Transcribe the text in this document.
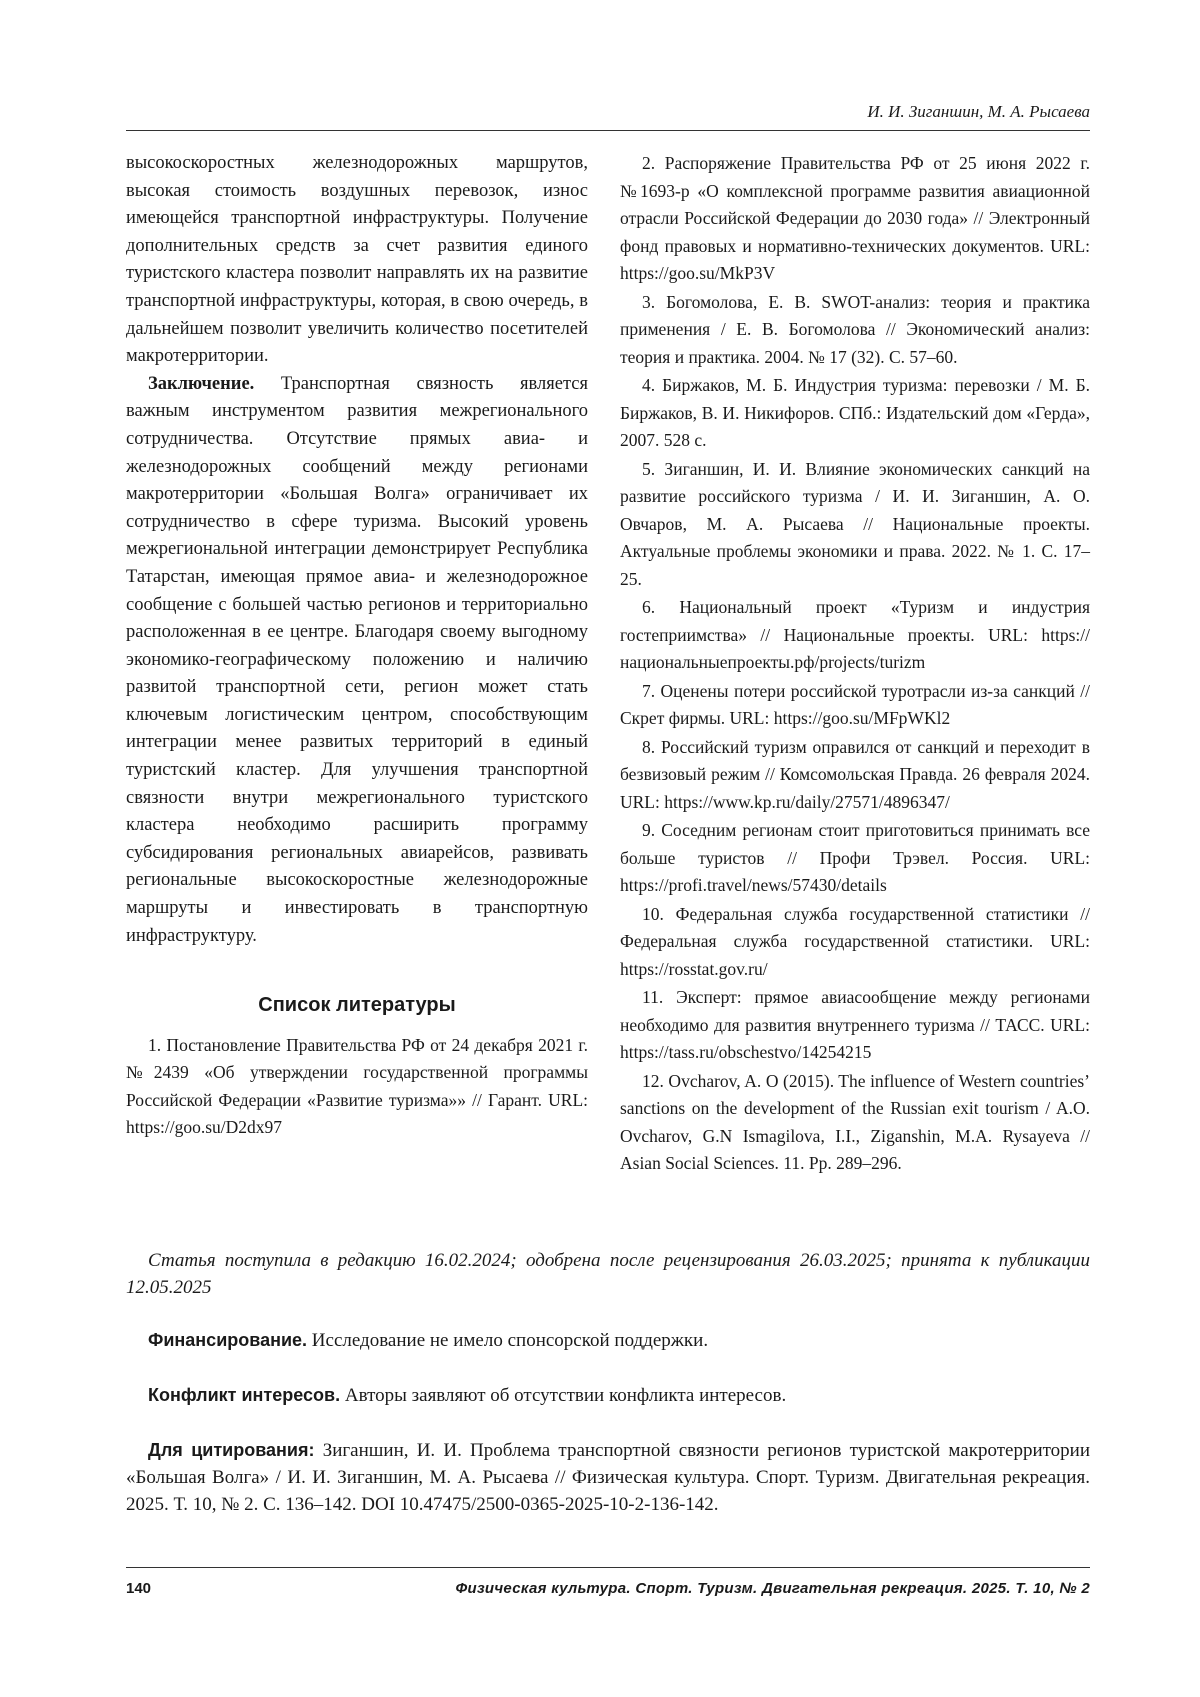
И. И. Зиганшин, М. А. Рысаева

высокоскоростных железнодорожных маршрутов, высокая стоимость воздушных перевозок, износ имеющейся транспортной инфраструктуры. Получение дополнительных средств за счет развития единого туристского кластера позволит направлять их на развитие транспортной инфраструктуры, которая, в свою очередь, в дальнейшем позволит увеличить количество посетителей макротерритории.

Заключение. Транспортная связность является важным инструментом развития межрегионального сотрудничества. Отсутствие прямых авиа- и железнодорожных сообщений между регионами макротерритории «Большая Волга» ограничивает их сотрудничество в сфере туризма. Высокий уровень межрегиональной интеграции демонстрирует Республика Татарстан, имеющая прямое авиа- и железнодорожное сообщение с большей частью регионов и территориально расположенная в ее центре. Благодаря своему выгодному экономико-географическому положению и наличию развитой транспортной сети, регион может стать ключевым логистическим центром, способствующим интеграции менее развитых территорий в единый туристский кластер. Для улучшения транспортной связности внутри межрегионального туристского кластера необходимо расширить программу субсидирования региональных авиарейсов, развивать региональные высокоскоростные железнодорожные маршруты и инвестировать в транспортную инфраструктуру.

Список литературы

1. Постановление Правительства РФ от 24 декабря 2021 г. №2439 «Об утверждении государственной программы Российской Федерации «Развитие туризма»» // Гарант. URL: https://goo.su/D2dx97

2. Распоряжение Правительства РФ от 25 июня 2022 г. №1693-р «О комплексной программе развития авиационной отрасли Российской Федерации до 2030 года» // Электронный фонд правовых и нормативно-технических документов. URL: https://goo.su/MkP3V

3. Богомолова, Е. В. SWOT-анализ: теория и практика применения / Е. В. Богомолова // Экономический анализ: теория и практика. 2004. № 17 (32). С. 57–60.

4. Биржаков, М. Б. Индустрия туризма: перевозки / М. Б. Биржаков, В. И. Никифоров. СПб.: Издательский дом «Герда», 2007. 528 с.

5. Зиганшин, И. И. Влияние экономических санкций на развитие российского туризма / И. И. Зиганшин, А. О. Овчаров, М. А. Рысаева // Национальные проекты. Актуальные проблемы экономики и права. 2022. № 1. С. 17–25.

6. Национальный проект «Туризм и индустрия гостеприимства» // Национальные проекты. URL: https://национальныепроекты.рф/projects/turizm

7. Оценены потери российской туротрасли из-за санкций // Скрет фирмы. URL: https://goo.su/MFpWKl2

8. Российский туризм оправился от санкций и переходит в безвизовый режим // Комсомольская Правда. 26 февраля 2024. URL: https://www.kp.ru/daily/27571/4896347/

9. Соседним регионам стоит приготовиться принимать все больше туристов // Профи Трэвел. Россия. URL: https://profi.travel/news/57430/details

10. Федеральная служба государственной статистики // Федеральная служба государственной статистики. URL: https://rosstat.gov.ru/

11. Эксперт: прямое авиасообщение между регионами необходимо для развития внутреннего туризма // ТАСС. URL: https://tass.ru/obschestvo/14254215

12. Ovcharov, A. O (2015). The influence of Western countries’ sanctions on the development of the Russian exit tourism / A.O. Ovcharov, G.N Ismagilova, I.I., Ziganshin, M.A. Rysayeva // Asian Social Sciences. 11. Pp. 289–296.

Статья поступила в редакцию 16.02.2024; одобрена после рецензирования 26.03.2025; принята к публикации 12.05.2025
Финансирование. Исследование не имело спонсорской поддержки.
Конфликт интересов. Авторы заявляют об отсутствии конфликта интересов.
Для цитирования: Зиганшин, И. И. Проблема транспортной связности регионов туристской макротерритории «Большая Волга» / И. И. Зиганшин, М. А. Рысаева // Физическая культура. Спорт. Туризм. Двигательная рекреация. 2025. Т. 10, № 2. С. 136–142. DOI 10.47475/2500-0365-2025-10-2-136-142.
140	Физическая культура. Спорт. Туризм. Двигательная рекреация. 2025. Т. 10, № 2
